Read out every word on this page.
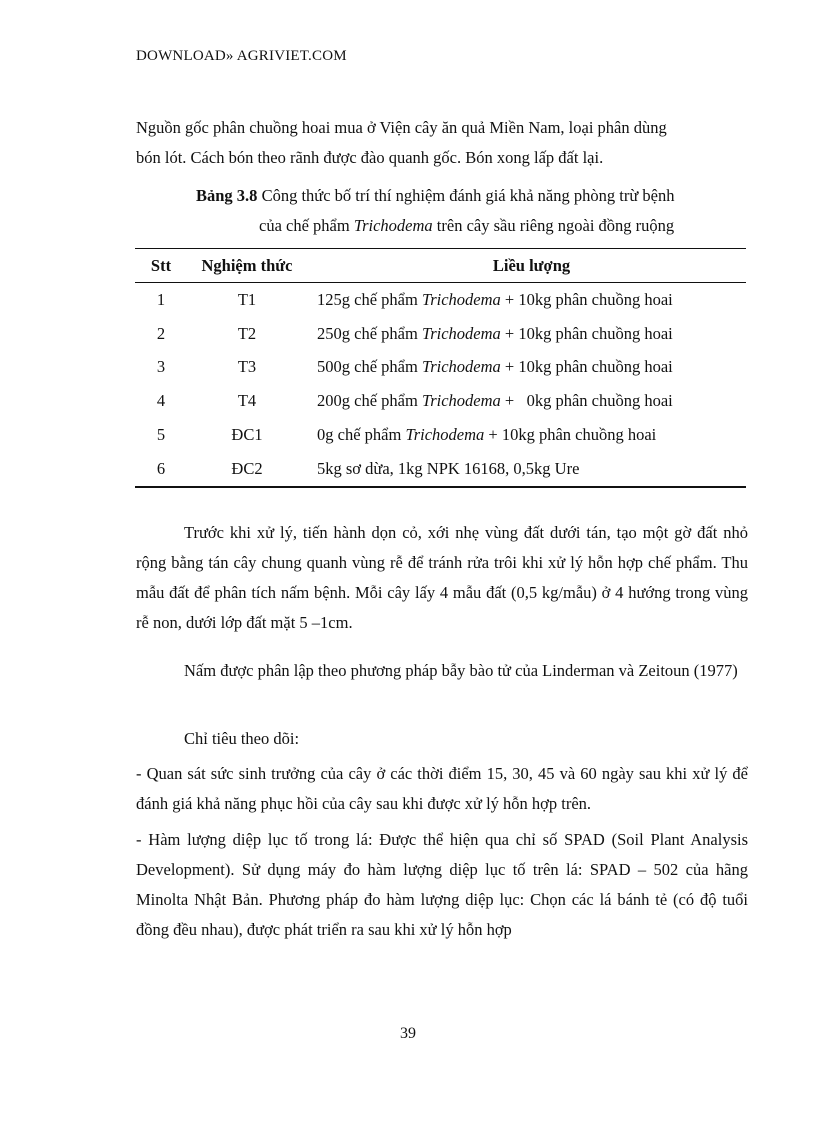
DOWNLOAD» AGRIVIET.COM
Nguồn gốc phân chuồng hoai mua ở Viện cây ăn quả Miền Nam, loại phân dùng
bón lót. Cách bón theo rãnh được đào quanh gốc. Bón xong lấp đất lại.
Bảng 3.8 Công thức bố trí thí nghiệm đánh giá khả năng phòng trừ bệnh
của chế phẩm Trichodema trên cây sầu riêng ngoài đồng ruộng
Stt	Nghiệm thức	Liều lượng
1	T1	125g chế phẩm Trichodema + 10kg phân chuồng hoai
2	T2	250g chế phẩm Trichodema + 10kg phân chuồng hoai
3	T3	500g chế phẩm Trichodema + 10kg phân chuồng hoai
4	T4	200g chế phẩm Trichodema +   0kg phân chuồng hoai
5	ĐC1	0g chế phẩm Trichodema + 10kg phân chuồng hoai
6	ĐC2	5kg sơ dừa, 1kg NPK 16168, 0,5kg Ure
Trước khi xử lý, tiến hành dọn cỏ, xới nhẹ vùng đất dưới tán, tạo một gờ đất nhỏ rộng bằng tán cây chung quanh vùng rễ để tránh rửa trôi khi xử lý hỗn hợp chế phẩm. Thu mẫu đất để phân tích nấm bệnh. Mỗi cây lấy 4 mẫu đất (0,5 kg/mẫu) ở 4 hướng trong vùng rễ non, dưới lớp đất mặt 5 –1cm.
Nấm được phân lập theo phương pháp bẫy bào tử của Linderman và Zeitoun (1977)
Chỉ tiêu theo dõi:
- Quan sát sức sinh trưởng của cây ở các thời điểm 15, 30, 45 và 60 ngày sau khi xử lý để đánh giá khả năng phục hồi của cây sau khi được xử lý hỗn hợp trên.
- Hàm lượng diệp lục tố trong lá: Được thể hiện qua chỉ số SPAD (Soil Plant Analysis Development). Sử dụng máy đo hàm lượng diệp lục tố trên lá: SPAD – 502 của hãng Minolta Nhật Bản. Phương pháp đo hàm lượng diệp lục: Chọn các lá bánh tẻ (có độ tuổi đồng đều nhau), được phát triển ra sau khi xử lý hỗn hợp
39
